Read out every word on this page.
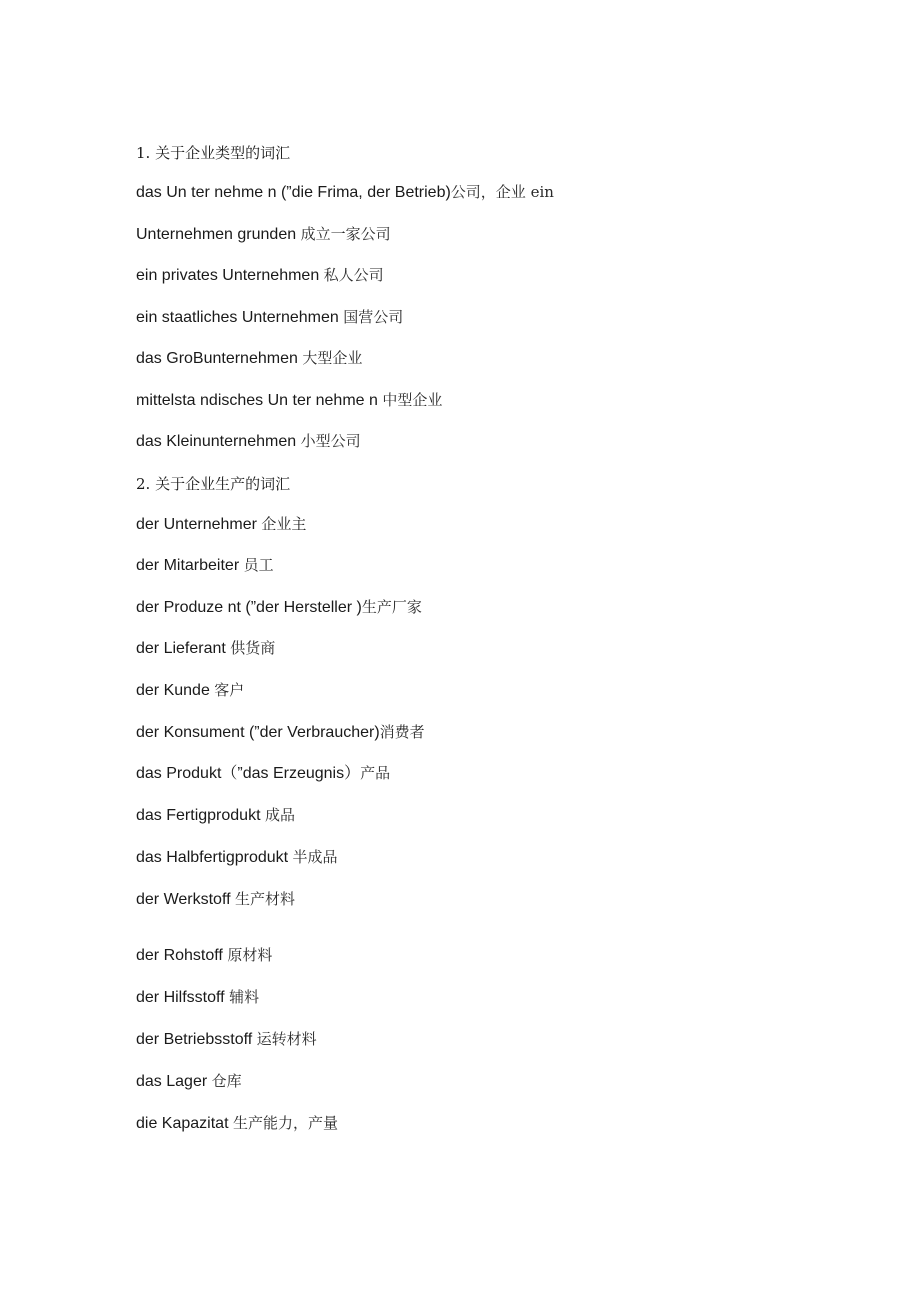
1. 关于企业类型的词汇
das Un ter nehme n (”die Frima, der Betrieb)公司，企业 ein
Unternehmen grunden 成立一家公司
ein privates Unternehmen 私人公司
ein staatliches Unternehmen 国营公司
das GroBunternehmen 大型企业
mittelsta ndisches Un ter nehme n 中型企业
das Kleinunternehmen 小型公司
2. 关于企业生产的词汇
der Unternehmer 企业主
der Mitarbeiter 员工
der Produze nt (”der Hersteller )生产厂家
der Lieferant 供货商
der Kunde 客户
der Konsument (”der Verbraucher)消费者
das Produkt（”das Erzeugnis）产品
das Fertigprodukt 成品
das Halbfertigprodukt 半成品
der Werkstoff 生产材料
der Rohstoff 原材料
der Hilfsstoff 辅料
der Betriebsstoff 运转材料
das Lager 仓库
die Kapazitat 生产能力，产量
